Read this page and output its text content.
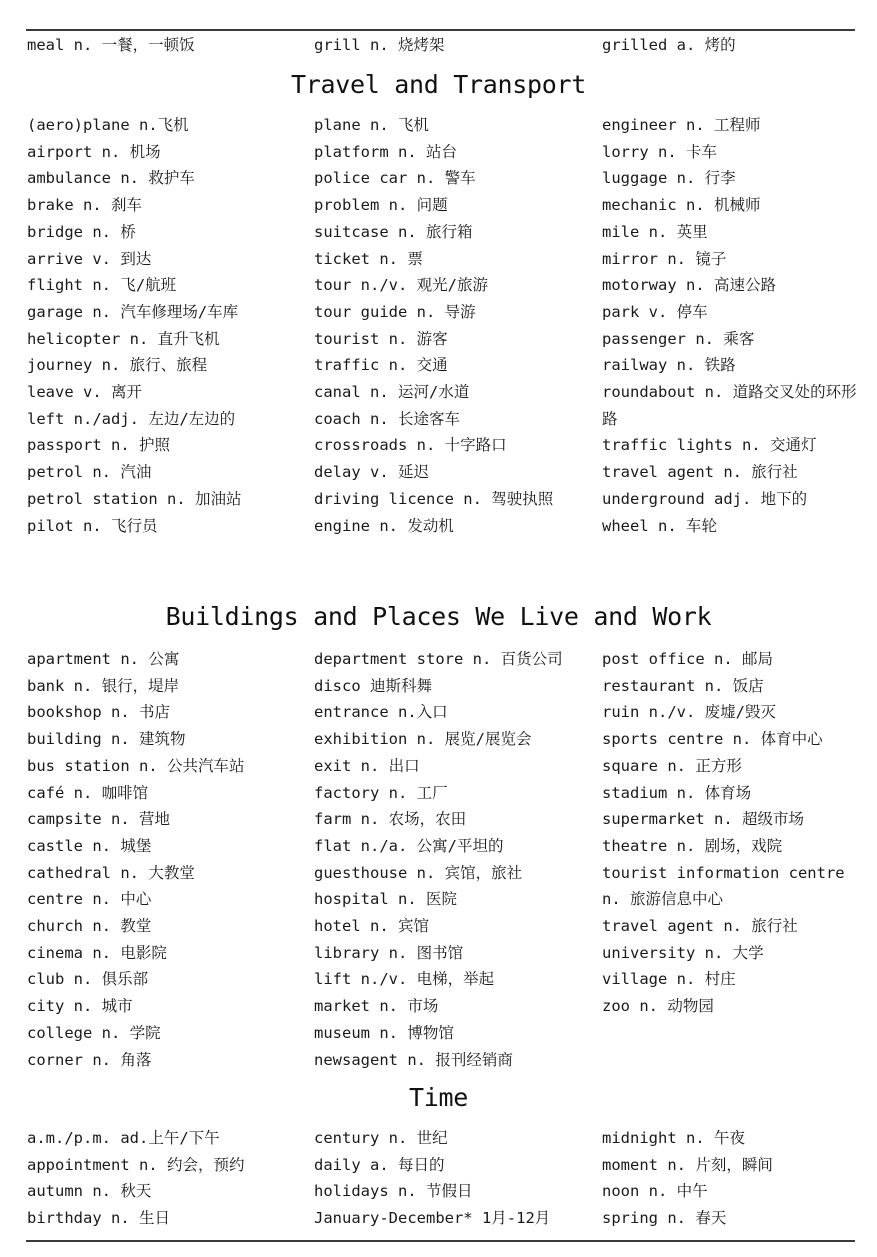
meal n. 一餐，一顿饭	grill n. 烧烤架	grilled a. 烤的
Travel and Transport
(aero)plane n.飞机
airport n. 机场
ambulance n. 救护车
brake n. 刹车
bridge n. 桥
arrive v. 到达
flight n. 飞/航班
garage n. 汽车修理场/车库
helicopter n. 直升飞机
journey n. 旅行、旅程
leave v. 离开
left n./adj. 左边/左边的
passport n. 护照
petrol n. 汽油
petrol station n. 加油站
pilot n. 飞行员
plane n. 飞机
platform n. 站台
police car n. 警车
problem n. 问题
suitcase n. 旅行箱
ticket n. 票
tour n./v. 观光/旅游
tour guide n. 导游
tourist n. 游客
traffic n. 交通
canal n. 运河/水道
coach n. 长途客车
crossroads n. 十字路口
delay v. 延迟
driving licence n. 驾驶执照
engine n. 发动机
engineer n. 工程师
lorry n. 卡车
luggage n. 行李
mechanic n. 机械师
mile n. 英里
mirror n. 镜子
motorway n. 高速公路
park v. 停车
passenger n. 乘客
railway n. 铁路
roundabout n. 道路交叉处的环形路
traffic lights n. 交通灯
travel agent n. 旅行社
underground adj. 地下的
wheel n. 车轮
Buildings and Places We Live and Work
apartment n. 公寓
bank n. 银行，堤岸
bookshop n. 书店
building n. 建筑物
bus station n. 公共汽车站
café n. 咖啡馆
campsite n. 营地
castle n. 城堡
cathedral n. 大教堂
centre n. 中心
church n. 教堂
cinema n. 电影院
club n. 俱乐部
city n. 城市
college n. 学院
corner n. 角落
department store n. 百货公司
disco 迪斯科舞
entrance n.入口
exhibition n. 展览/展览会
exit n. 出口
factory n. 工厂
farm n. 农场，农田
flat n./a. 公寓/平坦的
guesthouse n. 宾馆，旅社
hospital n. 医院
hotel n. 宾馆
library n. 图书馆
lift n./v. 电梯，举起
market n. 市场
museum n. 博物馆
newsagent n. 报刊经销商
post office n. 邮局
restaurant n. 饭店
ruin n./v. 废墟/毁灭
sports centre n. 体育中心
square n. 正方形
stadium n. 体育场
supermarket n. 超级市场
theatre n. 剧场，戏院
tourist information centre n. 旅游信息中心
travel agent n. 旅行社
university n. 大学
village n. 村庄
zoo n. 动物园
Time
a.m./p.m. ad.上午/下午
appointment n. 约会，预约
autumn n. 秋天
birthday n. 生日
century n. 世纪
daily a. 每日的
holidays n. 节假日
January-December* 1月-12月
midnight n. 午夜
moment n. 片刻，瞬间
noon n. 中午
spring n. 春天
